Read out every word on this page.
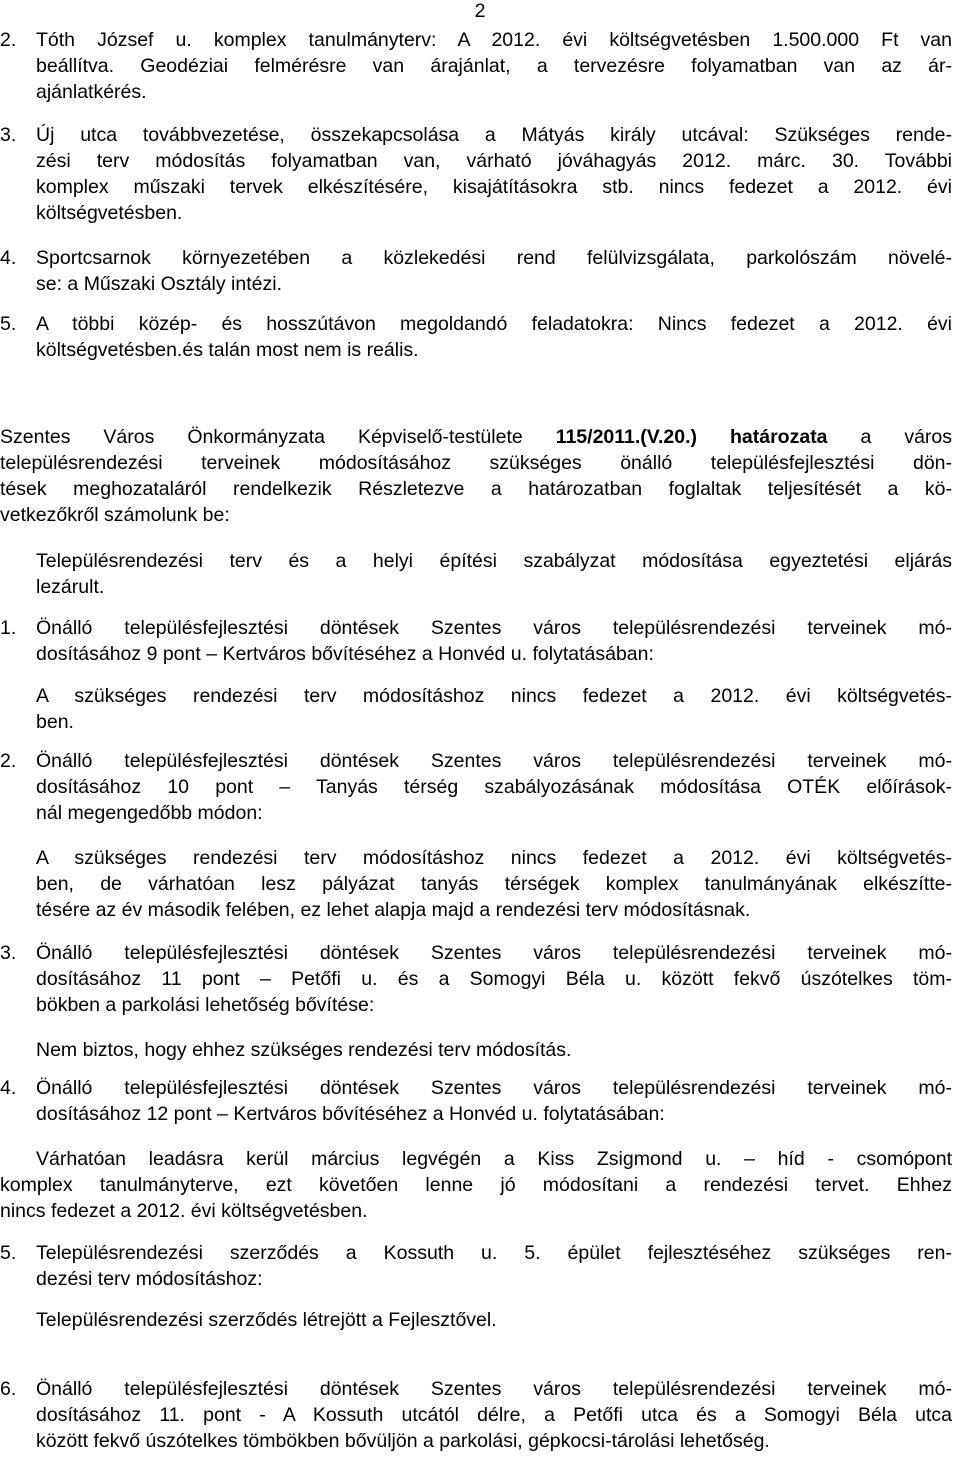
2
2. Tóth József u. komplex tanulmányterv: A 2012. évi költségvetésben 1.500.000 Ft van
beállítva. Geodéziai felmérésre van árajánlat, a tervezésre folyamatban van az ár-
ajánlatkérés.
3. Új utca továbbvezetése, összekapcsolása a Mátyás király utcával: Szükséges rende-
zési terv módosítás folyamatban van, várható jóváhagyás 2012. márc. 30. További
komplex műszaki tervek elkészítésére, kisajátításokra stb. nincs fedezet a 2012. évi
költségvetésben.
4. Sportcsarnok környezetében a közlekedési rend felülvizsgálata, parkolószám növelé-
se: a Műszaki Osztály intézi.
5. A többi közép- és hosszútávon megoldandó feladatokra: Nincs fedezet a 2012. évi
költségvetésben.és talán most nem is reális.
Szentes Város Önkormányzata Képviselő-testülete 115/2011.(V.20.) határozata a város
településrendezési terveinek módosításához szükséges önálló településfejlesztési dön-
tések meghozataláról rendelkezik Részletezve a határozatban foglaltak teljesítését a kö-
vetkezőkről számolunk be:
Településrendezési terv és a helyi építési szabályzat módosítása egyeztetési eljárás
lezárult.
1. Önálló településfejlesztési döntések Szentes város településrendezési terveinek mó-
dosításához 9 pont – Kertváros bővítéséhez a Honvéd u. folytatásában:
A szükséges rendezési terv módosításhoz nincs fedezet a 2012. évi költségvetés-
ben.
2. Önálló településfejlesztési döntések Szentes város településrendezési terveinek mó-
dosításához 10 pont – Tanyás térség szabályozásának módosítása OTÉK előírások-
nál megengedőbb módon:
A szükséges rendezési terv módosításhoz nincs fedezet a 2012. évi költségvetés-
ben, de várhatóan lesz pályázat tanyás térségek komplex tanulmányának elkészítte-
tésére az év második felében, ez lehet alapja majd a rendezési terv módosításnak.
3. Önálló településfejlesztési döntések Szentes város településrendezési terveinek mó-
dosításához 11 pont – Petőfi u. és a Somogyi Béla u. között fekvő úszótelkes töm-
bökben a parkolási lehetőség bővítése:
Nem biztos, hogy ehhez szükséges rendezési terv módosítás.
4. Önálló településfejlesztési döntések Szentes város településrendezési terveinek mó-
dosításához 12 pont – Kertváros bővítéséhez a Honvéd u. folytatásában:
Várhatóan leadásra kerül március legvégén a Kiss Zsigmond u. – híd - csomópont
komplex tanulmányterve, ezt követően lenne jó módosítani a rendezési tervet. Ehhez
nincs fedezet a 2012. évi költségvetésben.
5. Településrendezési szerződés a Kossuth u. 5. épület fejlesztéséhez szükséges ren-
dezési terv módosításhoz:
Településrendezési szerződés létrejött a Fejlesztővel.
6. Önálló településfejlesztési döntések Szentes város településrendezési terveinek mó-
dosításához 11. pont - A Kossuth utcától délre, a Petőfi utca és a Somogyi Béla utca
között fekvő úszótelkes tömbökben bővüljön a parkolási, gépkocsi-tárolási lehetőség.
